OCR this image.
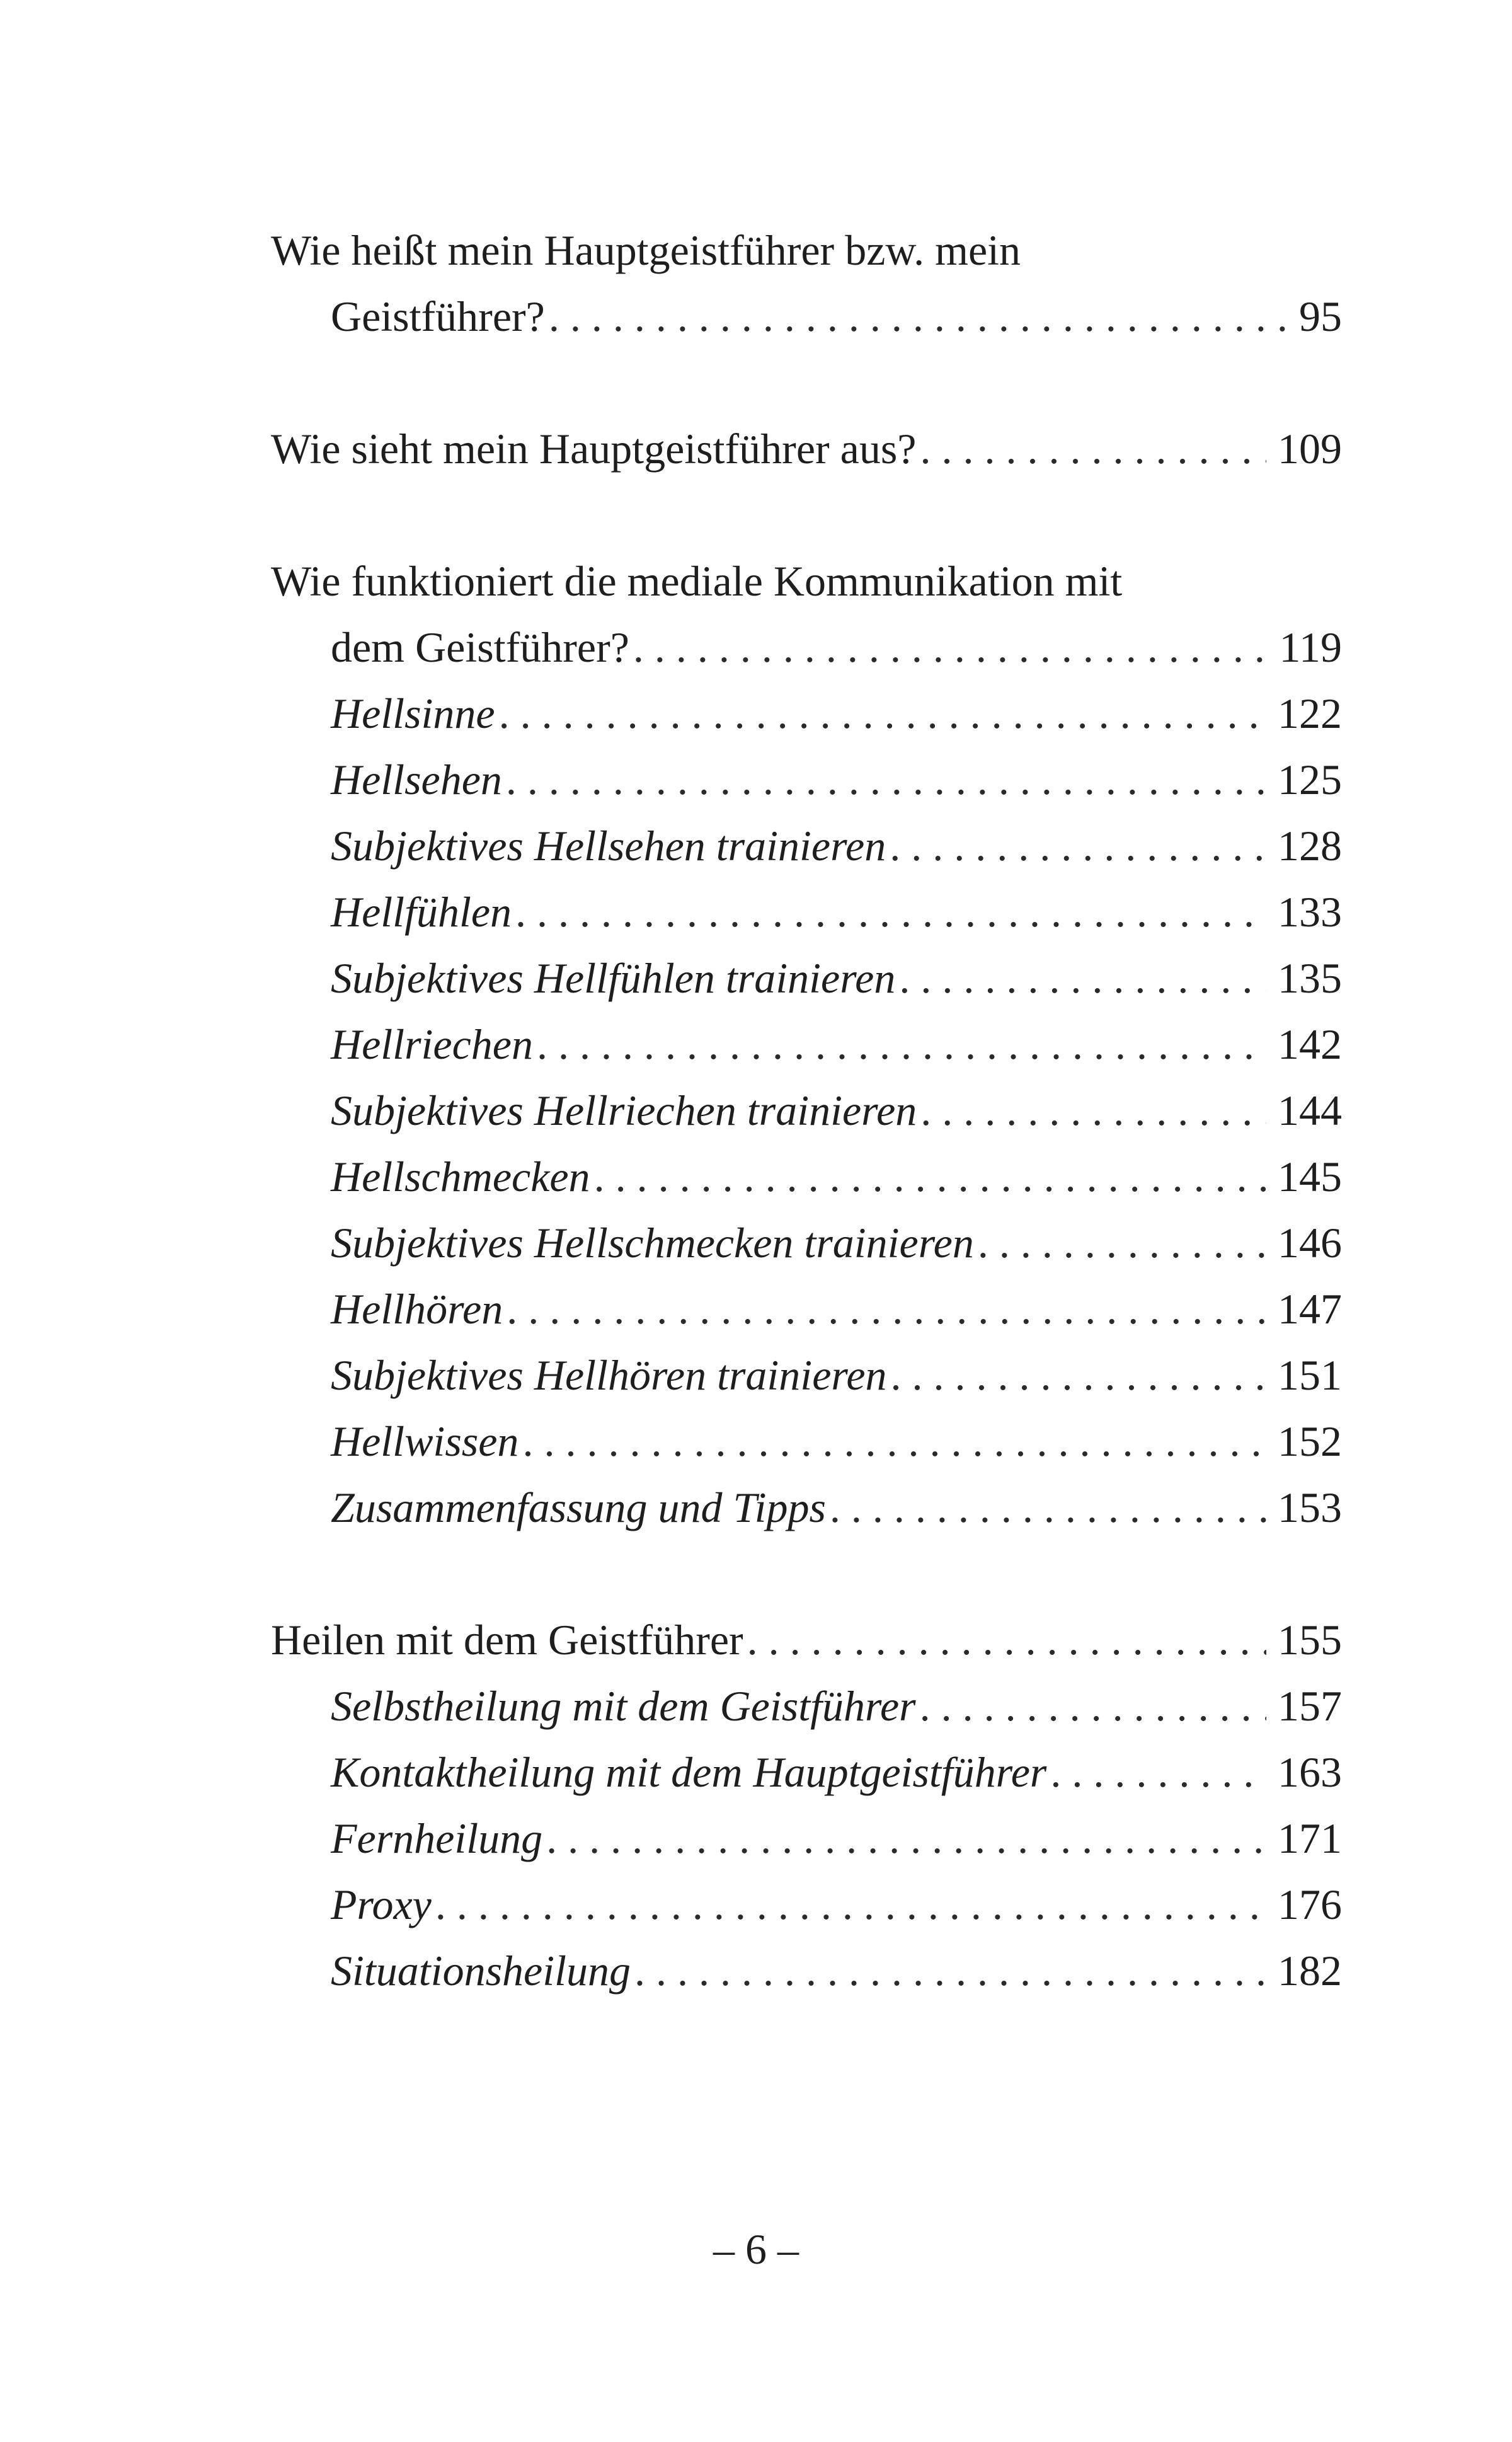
Wie heißt mein Hauptgeistführer bzw. mein
Geistführer? . . .	95
Wie sieht mein Hauptgeistführer aus? . . .	109
Wie funktioniert die mediale Kommunikation mit
dem Geistführer? . . .	119
Hellsinne . . .	122
Hellsehen . . .	125
Subjektives Hellsehen trainieren . . .	128
Hellfühlen . . .	133
Subjektives Hellfühlen trainieren . . .	135
Hellriechen . . .	142
Subjektives Hellriechen trainieren . . .	144
Hellschmecken . . .	145
Subjektives Hellschmecken trainieren . . .	146
Hellhören . . .	147
Subjektives Hellhören trainieren . . .	151
Hellwissen . . .	152
Zusammenfassung und Tipps . . .	153
Heilen mit dem Geistführer . . .	155
Selbstheilung mit dem Geistführer . . .	157
Kontaktheilung mit dem Hauptgeistführer . . .	163
Fernheilung . . .	171
Proxy . . .	176
Situationsheilung . . .	182
– 6 –
